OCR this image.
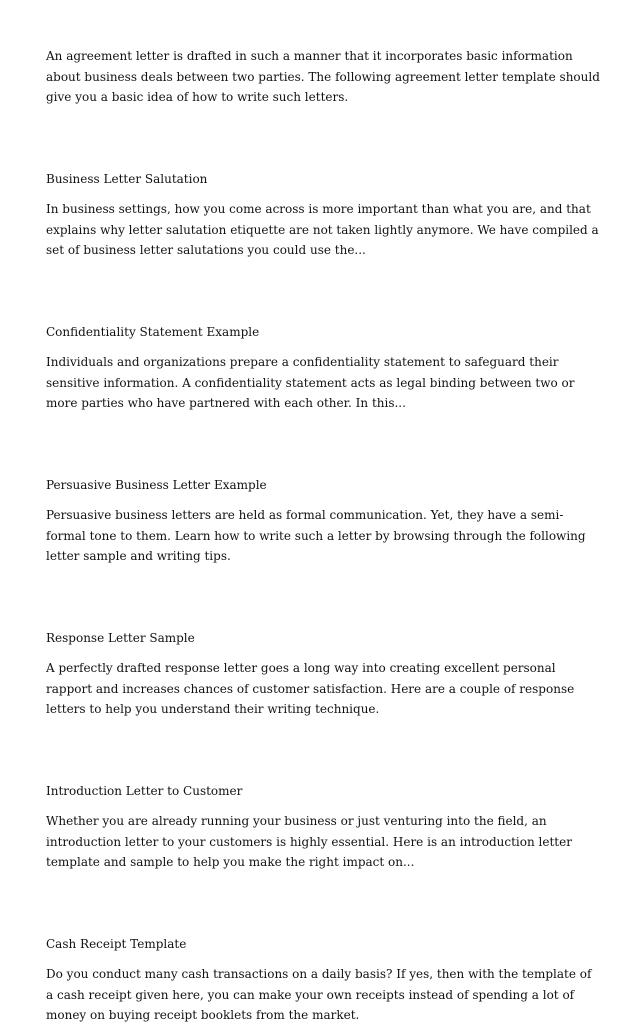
An agreement letter is drafted in such a manner that it incorporates basic information about business deals between two parties. The following agreement letter template should give you a basic idea of how to write such letters.

Business Letter Salutation

In business settings, how you come across is more important than what you are, and that explains why letter salutation etiquette are not taken lightly anymore. We have compiled a set of business letter salutations you could use the...

Confidentiality Statement Example

Individuals and organizations prepare a confidentiality statement to safeguard their sensitive information. A confidentiality statement acts as legal binding between two or more parties who have partnered with each other. In this...

Persuasive Business Letter Example

Persuasive business letters are held as formal communication. Yet, they have a semi-formal tone to them. Learn how to write such a letter by browsing through the following letter sample and writing tips.

Response Letter Sample

A perfectly drafted response letter goes a long way into creating excellent personal rapport and increases chances of customer satisfaction. Here are a couple of response letters to help you understand their writing technique.

Introduction Letter to Customer

Whether you are already running your business or just venturing into the field, an introduction letter to your customers is highly essential. Here is an introduction letter template and sample to help you make the right impact on...

Cash Receipt Template

Do you conduct many cash transactions on a daily basis? If yes, then with the template of a cash receipt given here, you can make your own receipts instead of spending a lot of money on buying receipt booklets from the market.
